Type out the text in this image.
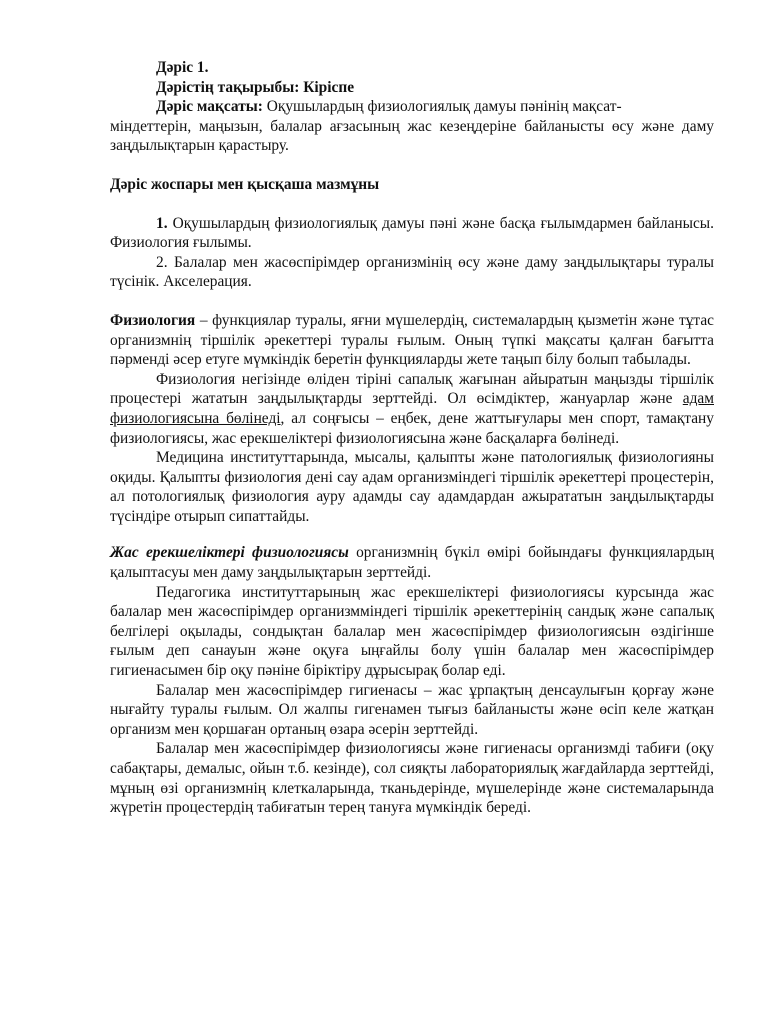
Дәріс 1.

Дәрістің тақырыбы: Кіріспе

Дәріс мақсаты: Оқушылардың физиологиялық дамуы пәнінің мақсат-
міндеттерін, маңызын, балалар ағзасының жас кезеңдеріне байланысты өсу және даму заңдылықтарын қарастыру.

Дәріс жоспары мен қысқаша мазмұны

1. Оқушылардың физиологиялық дамуы пәні және басқа ғылымдармен байланысы. Физиология ғылымы.

2. Балалар мен жасөспірімдер организмінің өсу және даму заңдылықтары туралы түсінік. Акселерация.

Физиология – функциялар туралы, яғни мүшелердің, системалардың қызметін және тұтас организмнің тіршілік әрекеттері туралы ғылым. Оның түпкі мақсаты қалған бағытта пәрменді әсер етуге мүмкіндік беретін функцияларды жете таңып білу болып табылады.

Физиология негізінде өліден тірінi сапалық жағынан айыратын маңызды тіршілік процестері жататын заңдылықтарды зерттейді. Ол өсімдіктер, жануарлар және адам физиологиясына бөлінеді, ал соңғысы – еңбек, дене жаттығулары мен спорт, тамақтану физиологиясы, жас ерекшеліктері физиологиясына және басқаларға бөлінеді.

Медицина институттарында, мысалы, қалыпты және патологиялық физиологияны оқиды. Қалыпты физиология дені сау адам организміндегі тіршілік әрекеттері процестерін, ал потологиялық физиология ауру адамды сау адамдардан ажырататын заңдылықтарды түсіндіре отырып сипаттайды.

Жас ерекшеліктері физиологиясы организмнің бүкіл өмірі бойындағы функциялардың қалыптасуы мен даму заңдылықтарын зерттейді.

Педагогика институттарының жас ерекшеліктері физиологиясы курсында жас балалар мен жасөспірімдер организмміндегі тіршілік әрекеттерінің сандық және сапалық белгілері оқылады, сондықтан балалар мен жасөспірімдер физиологиясын өздігінше ғылым деп санауын және оқуға ыңғайлы болу үшін балалар мен жасөспірімдер гигиенасымен бір оқу пәніне біріктіру дұрысырақ болар еді.

Балалар мен жасөспірімдер гигиенасы – жас ұрпақтың денсаулығын қорғау және нығайту туралы ғылым. Ол жалпы гигенамен тығыз байланысты және өсіп келе жатқан организм мен қоршаған ортаның өзара әсерін зерттейді.

Балалар мен жасөспірімдер физиологиясы және гигиенасы организмді табиғи (оқу сабақтары, демалыс, ойын т.б. кезінде), сол сияқты лабораториялық жағдайларда зерттейді, мұның өзі организмнің клеткаларында, тканьдерінде, мүшелерінде және системаларында жүретін процестердің табиғатын терең тануға мүмкіндік береді.
